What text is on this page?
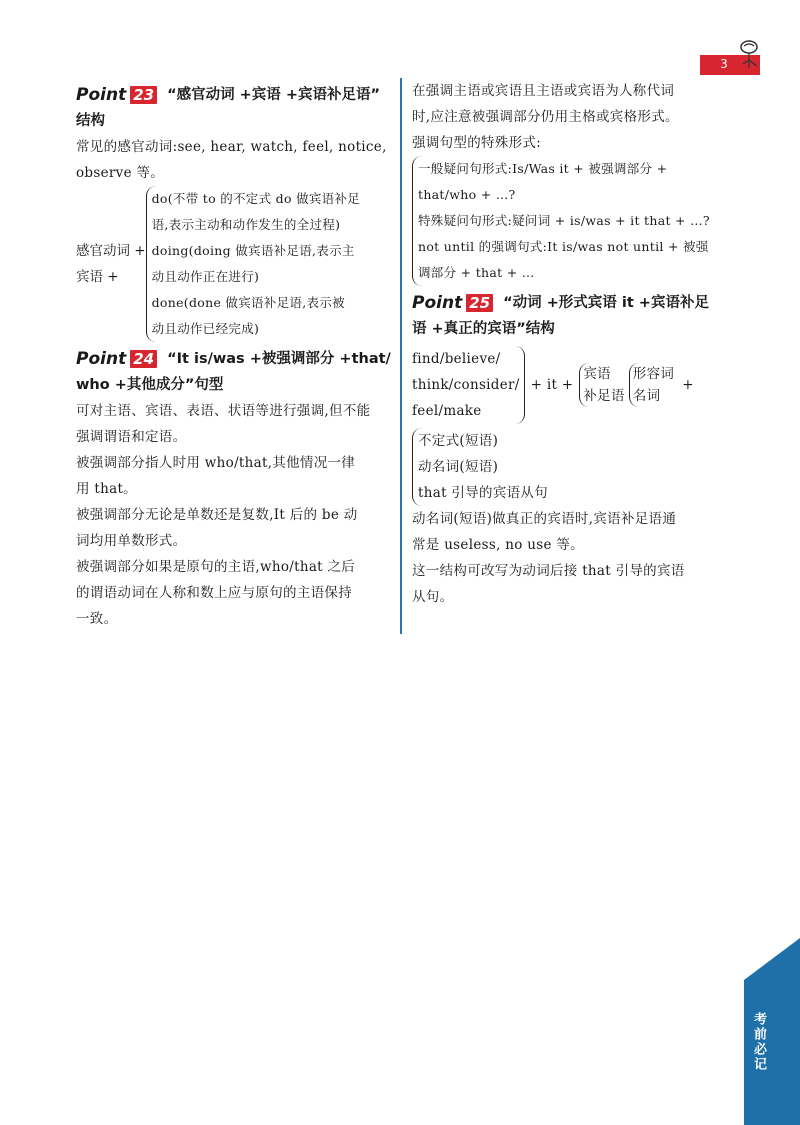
3
考前必记
Point 23 “感官动词 +宾语 +宾语补足语”
结构

常见的感官动词:see, hear, watch, feel, notice,

observe 等。

感官动词 +
宾语 +

do(不带 to 的不定式 do 做宾语补足

语,表示主动和动作发生的全过程)

doing(doing 做宾语补足语,表示主

动且动作正在进行)

done(done 做宾语补足语,表示被

动且动作已经完成)

Point 24 “It is/was +被强调部分 +that/
who +其他成分”句型

可对主语、宾语、表语、状语等进行强调,但不能

强调谓语和定语。

被强调部分指人时用 who/that,其他情况一律

用 that。

被强调部分无论是单数还是复数,It 后的 be 动

词均用单数形式。

被强调部分如果是原句的主语,who/that 之后

的谓语动词在人称和数上应与原句的主语保持

一致。

在强调主语或宾语且主语或宾语为人称代词

时,应注意被强调部分仍用主格或宾格形式。

强调句型的特殊形式:

一般疑问句形式:Is/Was it + 被强调部分 +

that/who + …?

特殊疑问句形式:疑问词 + is/was + it that + …?

not until 的强调句式:It is/was not until + 被强

调部分 + that + …

Point 25 “动词 +形式宾语 it +宾语补足
语 +真正的宾语”结构

find/believe/

think/consider/

feel/make

+ it +

宾语

补足语

形容词

名词

+

不定式(短语)

动名词(短语)

that 引导的宾语从句

动名词(短语)做真正的宾语时,宾语补足语通

常是 useless, no use 等。

这一结构可改写为动词后接 that 引导的宾语

从句。
